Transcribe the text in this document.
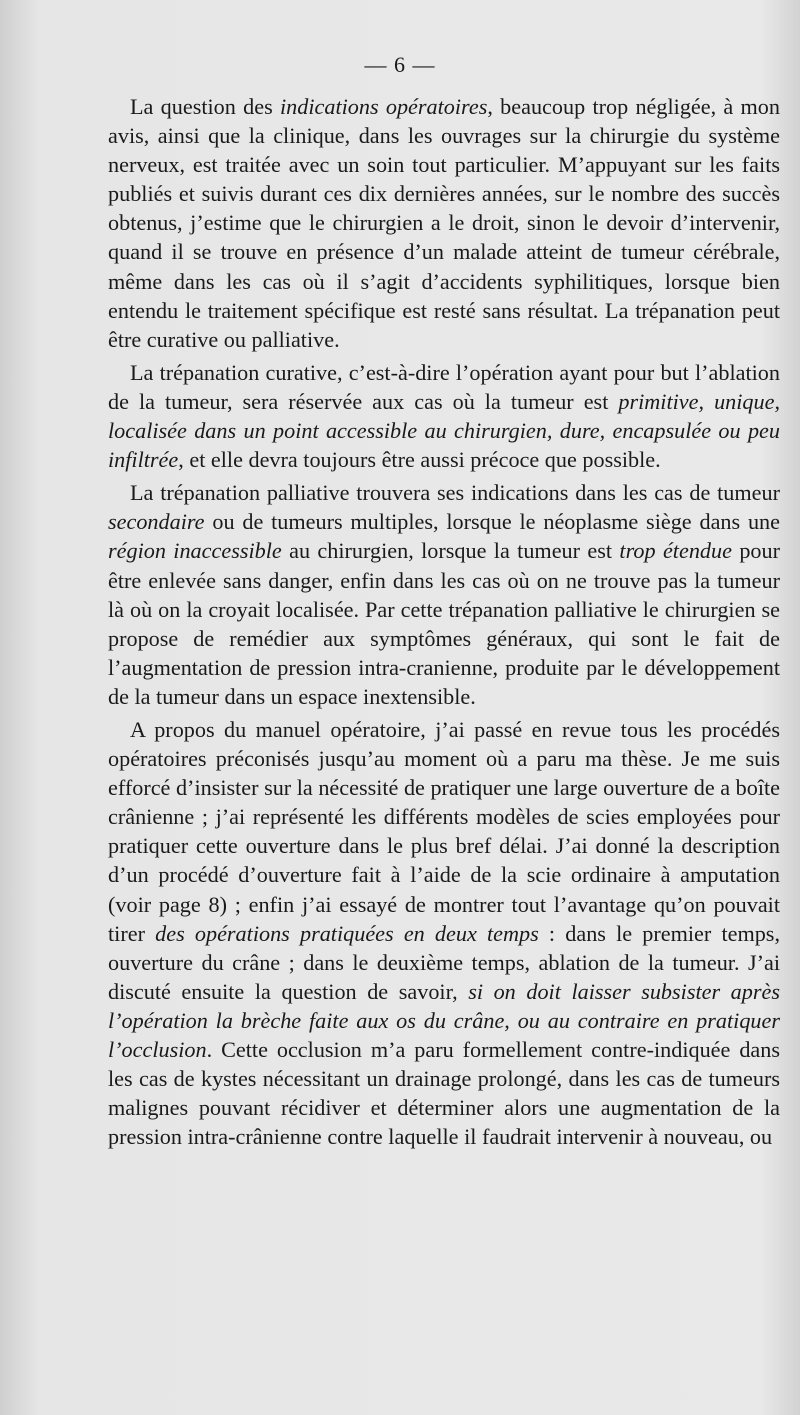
— 6 —

La question des indications opératoires, beaucoup trop négligée, à mon avis, ainsi que la clinique, dans les ouvrages sur la chirurgie du système nerveux, est traitée avec un soin tout particulier. M’appuyant sur les faits publiés et suivis durant ces dix dernières années, sur le nombre des succès obtenus, j’estime que le chirurgien a le droit, sinon le devoir d’intervenir, quand il se trouve en présence d’un malade atteint de tumeur cérébrale, même dans les cas où il s’agit d’accidents syphilitiques, lorsque bien entendu le traitement spécifique est resté sans résultat. La trépanation peut être curative ou palliative.

La trépanation curative, c’est-à-dire l’opération ayant pour but l’ablation de la tumeur, sera réservée aux cas où la tumeur est primitive, unique, localisée dans un point accessible au chirurgien, dure, encapsulée ou peu infiltrée, et elle devra toujours être aussi précoce que possible.

La trépanation palliative trouvera ses indications dans les cas de tumeur secondaire ou de tumeurs multiples, lorsque le néoplasme siège dans une région inaccessible au chirurgien, lorsque la tumeur est trop étendue pour être enlevée sans danger, enfin dans les cas où on ne trouve pas la tumeur là où on la croyait localisée. Par cette trépanation palliative le chirurgien se propose de remédier aux symptômes généraux, qui sont le fait de l’augmentation de pression intra-cranienne, produite par le développement de la tumeur dans un espace inextensible.

A propos du manuel opératoire, j’ai passé en revue tous les procédés opératoires préconisés jusqu’au moment où a paru ma thèse. Je me suis efforcé d’insister sur la nécessité de pratiquer une large ouverture de a boîte crânienne ; j’ai représenté les différents modèles de scies employées pour pratiquer cette ouverture dans le plus bref délai. J’ai donné la description d’un procédé d’ouverture fait à l’aide de la scie ordinaire à amputation (voir page 8) ; enfin j’ai essayé de montrer tout l’avantage qu’on pouvait tirer des opérations pratiquées en deux temps : dans le premier temps, ouverture du crâne ; dans le deuxième temps, ablation de la tumeur. J’ai discuté ensuite la question de savoir, si on doit laisser subsister après l’opération la brèche faite aux os du crâne, ou au contraire en pratiquer l’occlusion. Cette occlusion m’a paru formellement contre-indiquée dans les cas de kystes nécessitant un drainage prolongé, dans les cas de tumeurs malignes pouvant récidiver et déterminer alors une augmentation de la pression intra-crânienne contre laquelle il faudrait intervenir à nouveau, ou
